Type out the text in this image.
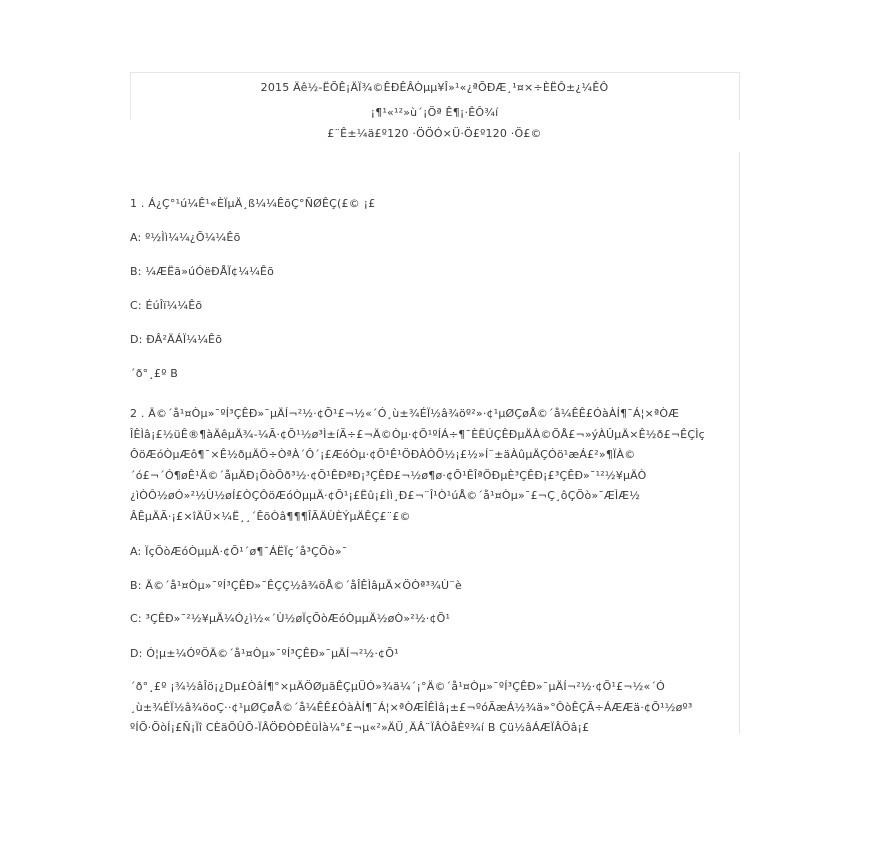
2015 Äê½-ËÕÊ¡ÄÏ¾©ÊÐÊÂÒµµ¥Î»¹«¿ªÕÐÆ¸¹¤×÷ÈËÔ±¿¼ÊÔ
¡¶¹«¹²»ù´¡Öª Ê¶¡·ÊÔ¾í
£¨Ê±¼ä£º120 ·ÖÖÓ×Ü·Ö£º120 ·Ö£©
1 . Á¿Ç°¹ú¼Ê¹«ÈÏµÄ¸ß¼¼ÊõÇ°ÑØÊÇ(£© ¡£
A: º½Ìì¼¼¿Õ¼¼Êõ
B: ¼ÆËã»úÓëÐÅÏ¢¼¼Êõ
C: ÉúÎï¼¼Êõ
D: ÐÂ²ÄÁÏ¼¼Êõ
´ð°¸£º B
2 . Ä©´å¹¤Òµ»¯ºÍ³ÇÊÐ»¯µÄÍ¬²½·¢Õ¹£¬½«´Ó¸ù±¾ÉÏ½â¾öº²»·¢¹µØÇøÅ©´å¼ÊÊ£ÓàÀÍ¶¯Á¦×ªÒÆ
ÎÊÌâ¡£½üÊ®¶àÄêµÄ¾-¼Ã·¢Õ¹½ø³Ì±íÃ÷£¬Ä©Òµ·¢Õ¹ºÍÁ÷¶¯ÈËÚÇÊÐµÄÀ©ÕÅ£¬»ýÀÛµÄ×Ê½ð£¬ÊÇÌç
ÔöÆóÒµÆô¶¯×Ê½ðµÄÖ÷ÒªÀ´Ô´¡£ÆóÒµ·¢Õ¹Ê¹ÖÐÀÔÕ½¡£½»Í¨±äÀûµÄÇÓö¹æÁ£²»¶ÏÀ©
´ó£¬´Ó¶øÊ¹Ä©´åµÄÐ¡ÕòÕð³½·¢Õ¹ÊÐªÐ¡³ÇÊÐ£¬½ø¶ø·¢Õ¹ÊÎªÖÐµÈ³ÇÊÐ¡£³ÇÊÐ»¯¹²½¥µÄÒ
¿ìÒÔ½øÓ»²½Ù½øÍ£ÒÇÔöÆóÒµµÄ·¢Õ¹¡£Ëû¡£Ìì¸Ð£¬¨Î¹Ò¹úÅ©´å¹¤Òµ»¯£¬Ç¸ôÇÕò»¯ÆÌÆ½
ÂÊµÄÃ·¡£×îÄÜ×¼Ë¸¸´ÊõÒâ¶¶¶ÎÃÄÙÈÝµÄÊÇ£¨£©
A: ÏçÕòÆóÒµµÄ·¢Õ¹´ø¶¯ÁËÏç´å³ÇÕò»¯
B: Ä©´å¹¤Òµ»¯ºÍ³ÇÊÐ»¯ÊÇÇ½â¾öÅ©´åÎÊÌâµÄ×ÖÒª³¾Ù¨è
C: ³ÇÊÐ»¯²½¥µÄ¼Ó¿ì½«´Ù½øÏçÕòÆóÒµµÄ½øÒ»²½·¢Õ¹
D: Ó¦µ±¼ÓºÖÄ©´å¹¤Òµ»¯ºÍ³ÇÊÐ»¯µÄÍ¬²½·¢Õ¹
´ð°¸£º ¡¾½âÎö¡¿Dµ£ÒâÍ¶°×µÄÖØµãÊÇµÜÓ»¾ä¼´¡°Ä©´å¹¤Òµ»¯ºÍ³ÇÊÐ»¯µÄÍ¬²½·¢Õ¹£¬½«´Ó
¸ù±¾ÉÏ½â¾öoÇ··¢¹µØÇøÅ©´å¼ÊÊ£ÓàÀÍ¶¯Á¦×ªÒÆÎÊÌâ¡±£¬ºóÃæÁ½¾ä»°ÔòÊÇÃ÷ÁÆÆä·¢Õ¹½øº³
ºÍÕ·ÕòÍ¡£Ñ¡Ïî CÈäÕÛÕ-ÏÂÖÐÒÐÈüÌà¼°£¬µ«²»ÄÜ¸ÄÂ¨ÏÂÒåÈº¾í B Çü½âÁÆÏÂÖâ¡£
